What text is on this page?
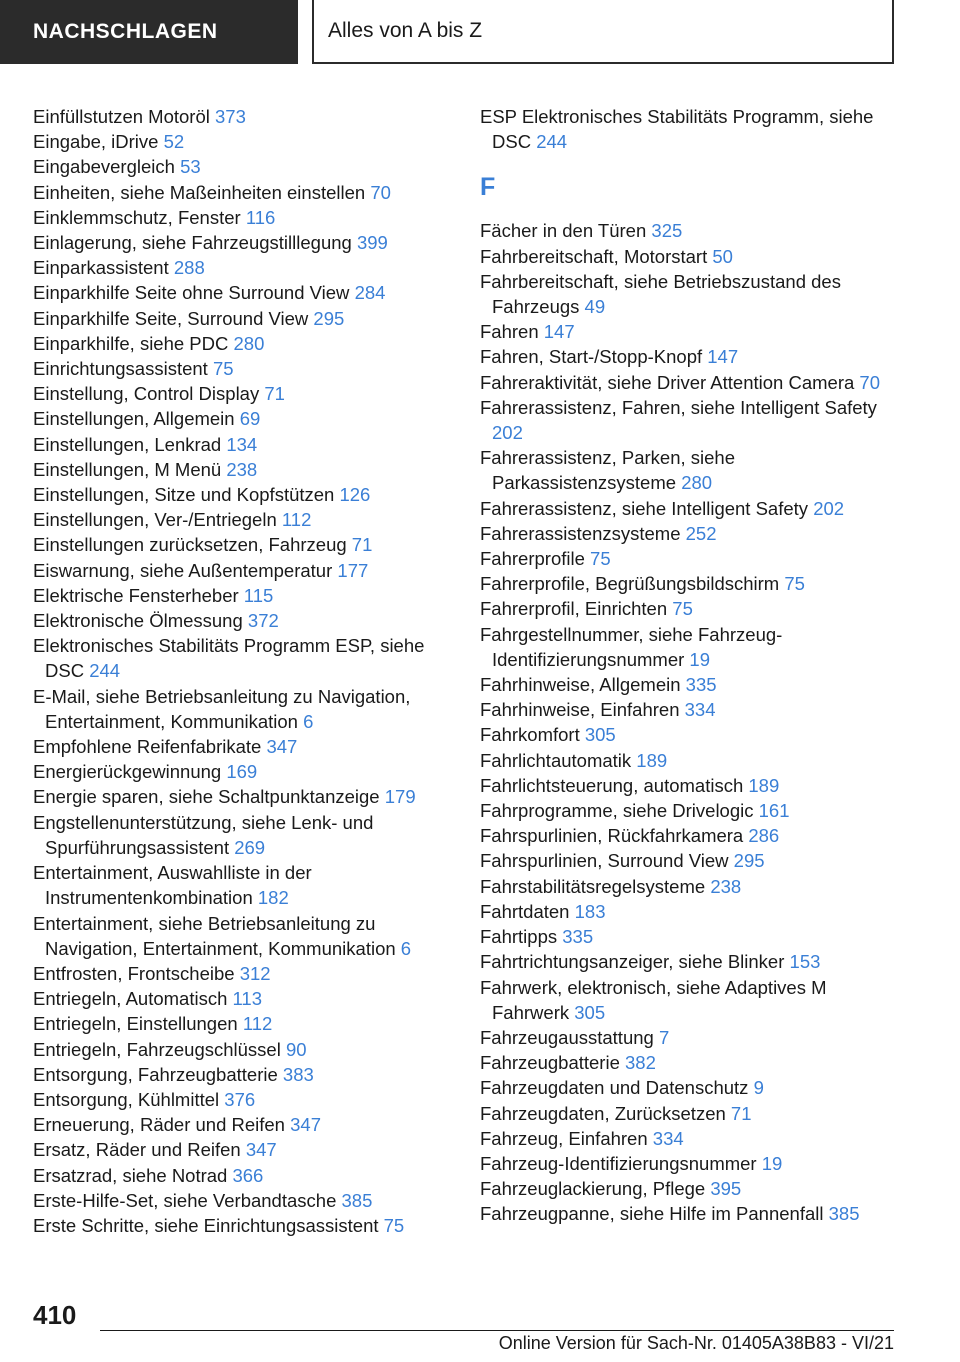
NACHSCHLAGEN	Alles von A bis Z
Einfüllstutzen Motoröl 373
Eingabe, iDrive 52
Eingabevergleich 53
Einheiten, siehe Maßeinheiten einstellen 70
Einklemmschutz, Fenster 116
Einlagerung, siehe Fahrzeugstilllegung 399
Einparkassistent 288
Einparkhilfe Seite ohne Surround View 284
Einparkhilfe Seite, Surround View 295
Einparkhilfe, siehe PDC 280
Einrichtungsassistent 75
Einstellung, Control Display 71
Einstellungen, Allgemein 69
Einstellungen, Lenkrad 134
Einstellungen, M Menü 238
Einstellungen, Sitze und Kopfstützen 126
Einstellungen, Ver-/Entriegeln 112
Einstellungen zurücksetzen, Fahrzeug 71
Eiswarnung, siehe Außentemperatur 177
Elektrische Fensterheber 115
Elektronische Ölmessung 372
Elektronisches Stabilitäts Programm ESP, siehe DSC 244
E-Mail, siehe Betriebsanleitung zu Navigation, Entertainment, Kommunikation 6
Empfohlene Reifenfabrikate 347
Energierückgewinnung 169
Energie sparen, siehe Schaltpunktanzeige 179
Engstellenunterstützung, siehe Lenk- und Spurführungsassistent 269
Entertainment, Auswahlliste in der Instrumentenkombination 182
Entertainment, siehe Betriebsanleitung zu Navigation, Entertainment, Kommunikation 6
Entfrosten, Frontscheibe 312
Entriegeln, Automatisch 113
Entriegeln, Einstellungen 112
Entriegeln, Fahrzeugschlüssel 90
Entsorgung, Fahrzeugbatterie 383
Entsorgung, Kühlmittel 376
Erneuerung, Räder und Reifen 347
Ersatz, Räder und Reifen 347
Ersatzrad, siehe Notrad 366
Erste-Hilfe-Set, siehe Verbandtasche 385
Erste Schritte, siehe Einrichtungsassistent 75
ESP Elektronisches Stabilitäts Programm, siehe DSC 244
F
Fächer in den Türen 325
Fahrbereitschaft, Motorstart 50
Fahrbereitschaft, siehe Betriebszustand des Fahrzeugs 49
Fahren 147
Fahren, Start-/Stopp-Knopf 147
Fahreraktivität, siehe Driver Attention Camera 70
Fahrerassistenz, Fahren, siehe Intelligent Safety 202
Fahrerassistenz, Parken, siehe Parkassistenzsysteme 280
Fahrerassistenz, siehe Intelligent Safety 202
Fahrerassistenzsysteme 252
Fahrerprofile 75
Fahrerprofile, Begrüßungsbildschirm 75
Fahrerprofil, Einrichten 75
Fahrgestellnummer, siehe Fahrzeug-Identifizierungsnummer 19
Fahrhinweise, Allgemein 335
Fahrhinweise, Einfahren 334
Fahrkomfort 305
Fahrlichtautomatik 189
Fahrlichtsteuerung, automatisch 189
Fahrprogramme, siehe Drivelogic 161
Fahrspurlinien, Rückfahrkamera 286
Fahrspurlinien, Surround View 295
Fahrstabilitätsregelsysteme 238
Fahrtdaten 183
Fahrtipps 335
Fahrtrichtungsanzeiger, siehe Blinker 153
Fahrwerk, elektronisch, siehe Adaptives M Fahrwerk 305
Fahrzeugausstattung 7
Fahrzeugbatterie 382
Fahrzeugdaten und Datenschutz 9
Fahrzeugdaten, Zurücksetzen 71
Fahrzeug, Einfahren 334
Fahrzeug-Identifizierungsnummer 19
Fahrzeuglackierung, Pflege 395
Fahrzeugpanne, siehe Hilfe im Pannenfall 385
410
Online Version für Sach-Nr. 01405A38B83 - VI/21
